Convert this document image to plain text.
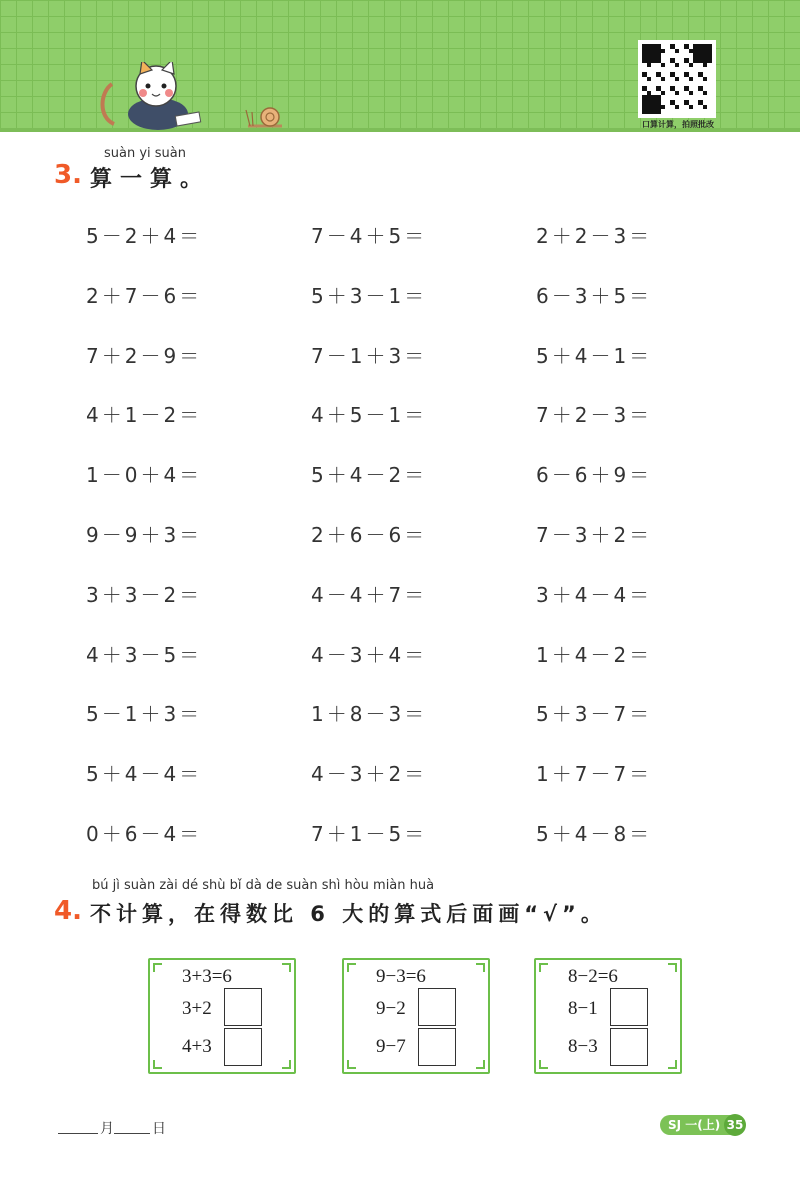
口算计算，拍照批改
suàn yi suàn
3. 算一算。
5－2＋4＝	7－4＋5＝	2＋2－3＝
2＋7－6＝	5＋3－1＝	6－3＋5＝
7＋2－9＝	7－1＋3＝	5＋4－1＝
4＋1－2＝	4＋5－1＝	7＋2－3＝
1－0＋4＝	5＋4－2＝	6－6＋9＝
9－9＋3＝	2＋6－6＝	7－3＋2＝
3＋3－2＝	4－4＋7＝	3＋4－4＝
4＋3－5＝	4－3＋4＝	1＋4－2＝
5－1＋3＝	1＋8－3＝	5＋3－7＝
5＋4－4＝	4－3＋2＝	1＋7－7＝
0＋6－4＝	7＋1－5＝	5＋4－8＝
bú jì suàn zài dé shù bǐ dà de suàn shì hòu miàn huà
4. 不计算，在得数比 6 大的算式后面画“√”。
3+3=6
3+2
4+3
9−3=6
9−2
9−7
8−2=6
8−1
8−3
月	日	SJ 一(上) 35
